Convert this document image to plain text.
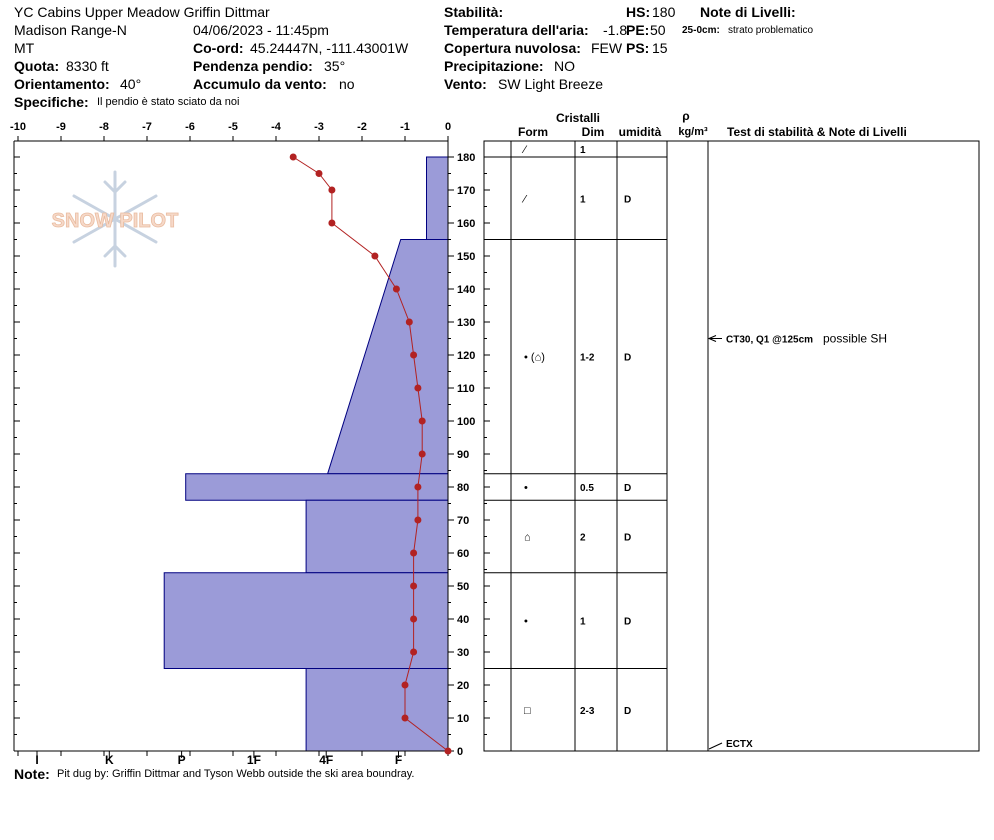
YC Cabins Upper Meadow Griffin Dittmar
Madison Range-N
MT
Quota: 8330 ft
Orientamento: 40°
Specifiche: Il pendio è stato sciato da noi
04/06/2023 - 11:45pm
Co-ord: 45.24447N, -111.43001W
Pendenza pendio: 35°
Accumulo da vento: no
Stabilità:
Temperatura dell'aria: -1.8
Copertura nuvolosa: FEW
Precipitazione: NO
Vento: SW Light Breeze
HS: 180
PE: 50
PS: 15
Note di Livelli:
25-0cm: strato problematico
Note: Pit dug by: Griffin Dittmar and Tyson Webb outside the ski area boundray.
SNOW PILOT
-10	-9	-8	-7	-6	-5	-4	-3	-2	-1	0
I	K	P	1F	4F	F
0
10
20
30
40
50
60
70
80
90
100
110
120
130
140
150
160
170
180
Cristalli
Form	Dim umidità
ρ
kg/m³ Test di stabilità & Note di Livelli
⁄	1
⁄	1	D
• (⌂)	1-2	D
•	0.5	D
⌂	2	D
•	1	D
□	2-3	D
CT30, Q1 @125cm possible SH
ECTX
